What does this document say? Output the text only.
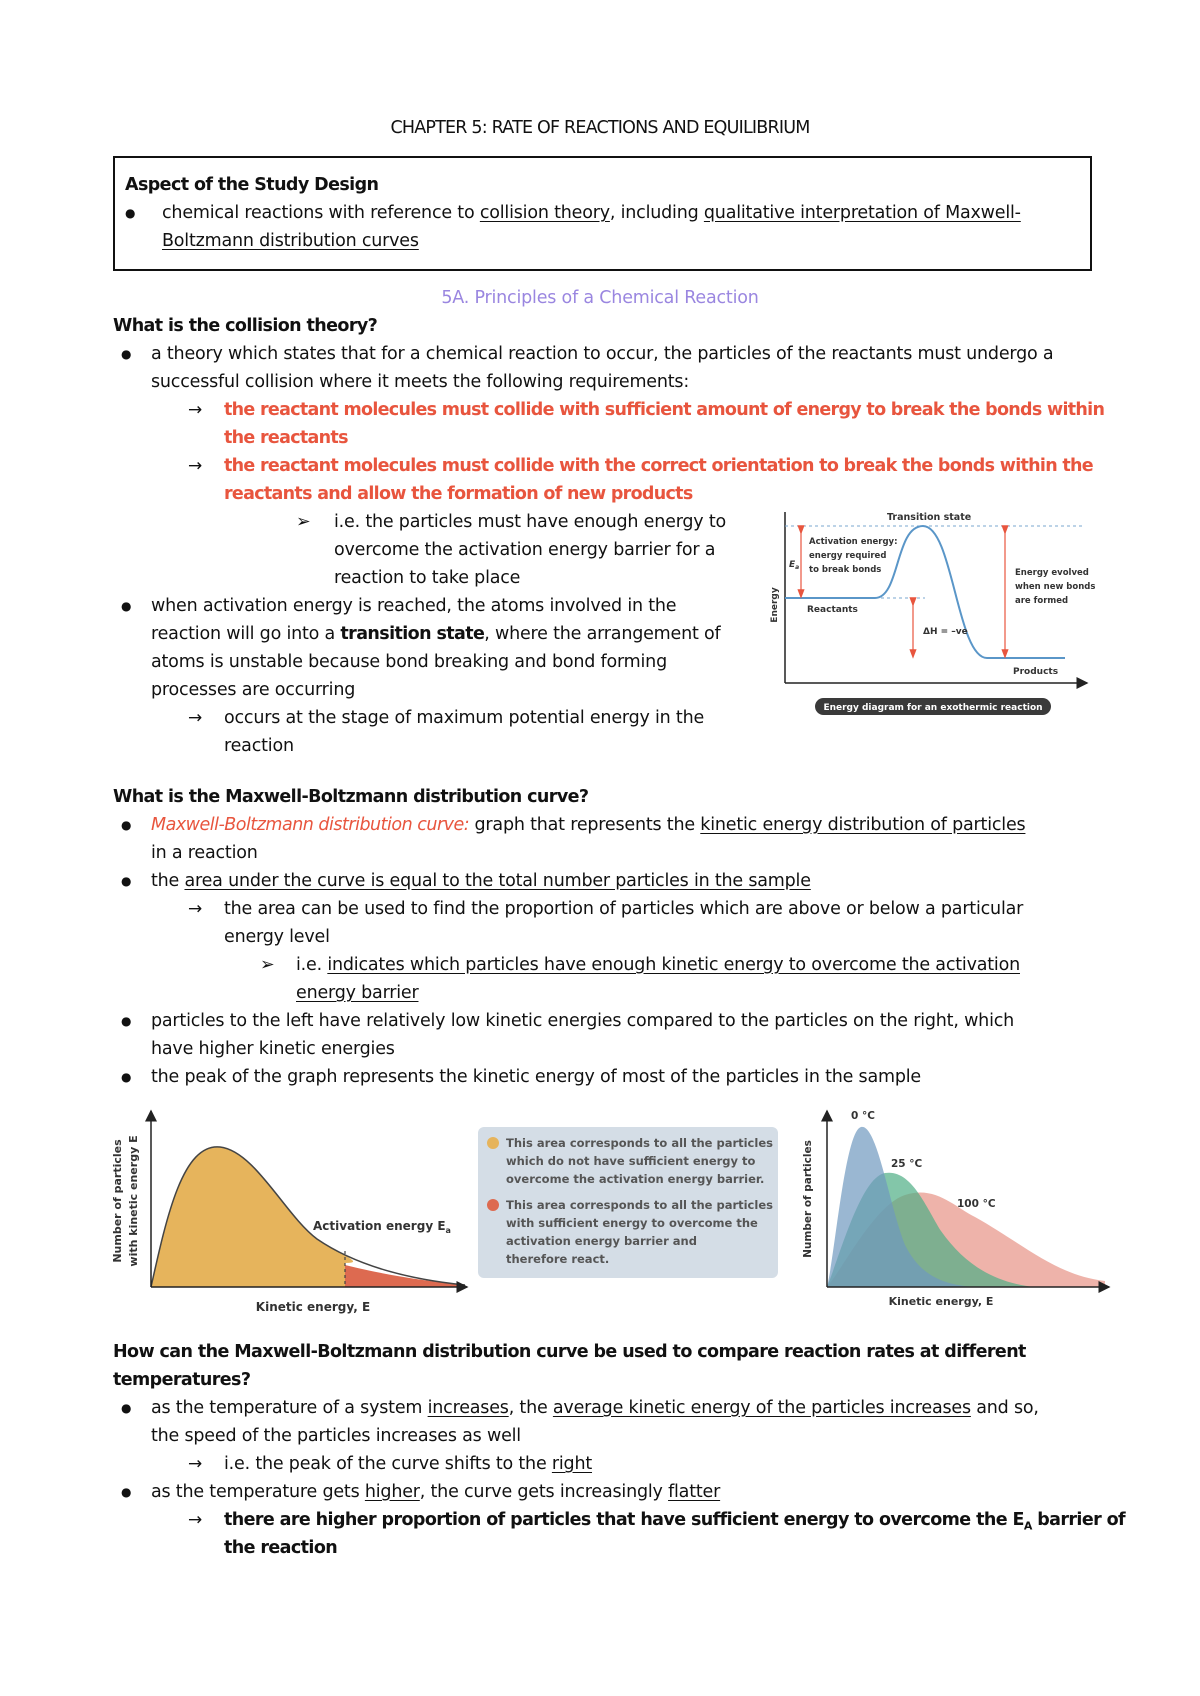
CHAPTER 5: RATE OF REACTIONS AND EQUILIBRIUM
Aspect of the Study Design
● chemical reactions with reference to collision theory, including qualitative interpretation of Maxwell-
Boltzmann distribution curves
5A. Principles of a Chemical Reaction
What is the collision theory?
● a theory which states that for a chemical reaction to occur, the particles of the reactants must undergo a
successful collision where it meets the following requirements:
→ the reactant molecules must collide with sufficient amount of energy to break the bonds within
the reactants
→ the reactant molecules must collide with the correct orientation to break the bonds within the
reactants and allow the formation of new products
➢ i.e. the particles must have enough energy to
overcome the activation energy barrier for a
reaction to take place
● when activation energy is reached, the atoms involved in the
reaction will go into a transition state, where the arrangement of
atoms is unstable because bond breaking and bond forming
processes are occurring
→ occurs at the stage of maximum potential energy in the
reaction
Energy
Transition state
$E_a$
Activation energy:
energy required
to break bonds
Reactants
ΔH = –ve
Energy evolved
when new bonds
are formed
Products
Energy diagram for an exothermic reaction
What is the Maxwell-Boltzmann distribution curve?
● Maxwell-Boltzmann distribution curve: graph that represents the kinetic energy distribution of particles
in a reaction
● the area under the curve is equal to the total number particles in the sample
→ the area can be used to find the proportion of particles which are above or below a particular
energy level
➢ i.e. indicates which particles have enough kinetic energy to overcome the activation
energy barrier
● particles to the left have relatively low kinetic energies compared to the particles on the right, which
have higher kinetic energies
● the peak of the graph represents the kinetic energy of most of the particles in the sample
Number of particles with kinetic energy E
Kinetic energy, E
Activation energy $E_a$
This area corresponds to all the particles
which do not have sufficient energy to
overcome the activation energy barrier.
This area corresponds to all the particles
with sufficient energy to overcome the
activation energy barrier and
therefore react.
Number of particles
Kinetic energy, E
0 °C
25 °C
100 °C
How can the Maxwell-Boltzmann distribution curve be used to compare reaction rates at different
temperatures?
● as the temperature of a system increases, the average kinetic energy of the particles increases and so,
the speed of the particles increases as well
→ i.e. the peak of the curve shifts to the right
● as the temperature gets higher, the curve gets increasingly flatter
→ there are higher proportion of particles that have sufficient energy to overcome the $E_A$ barrier of
the reaction
